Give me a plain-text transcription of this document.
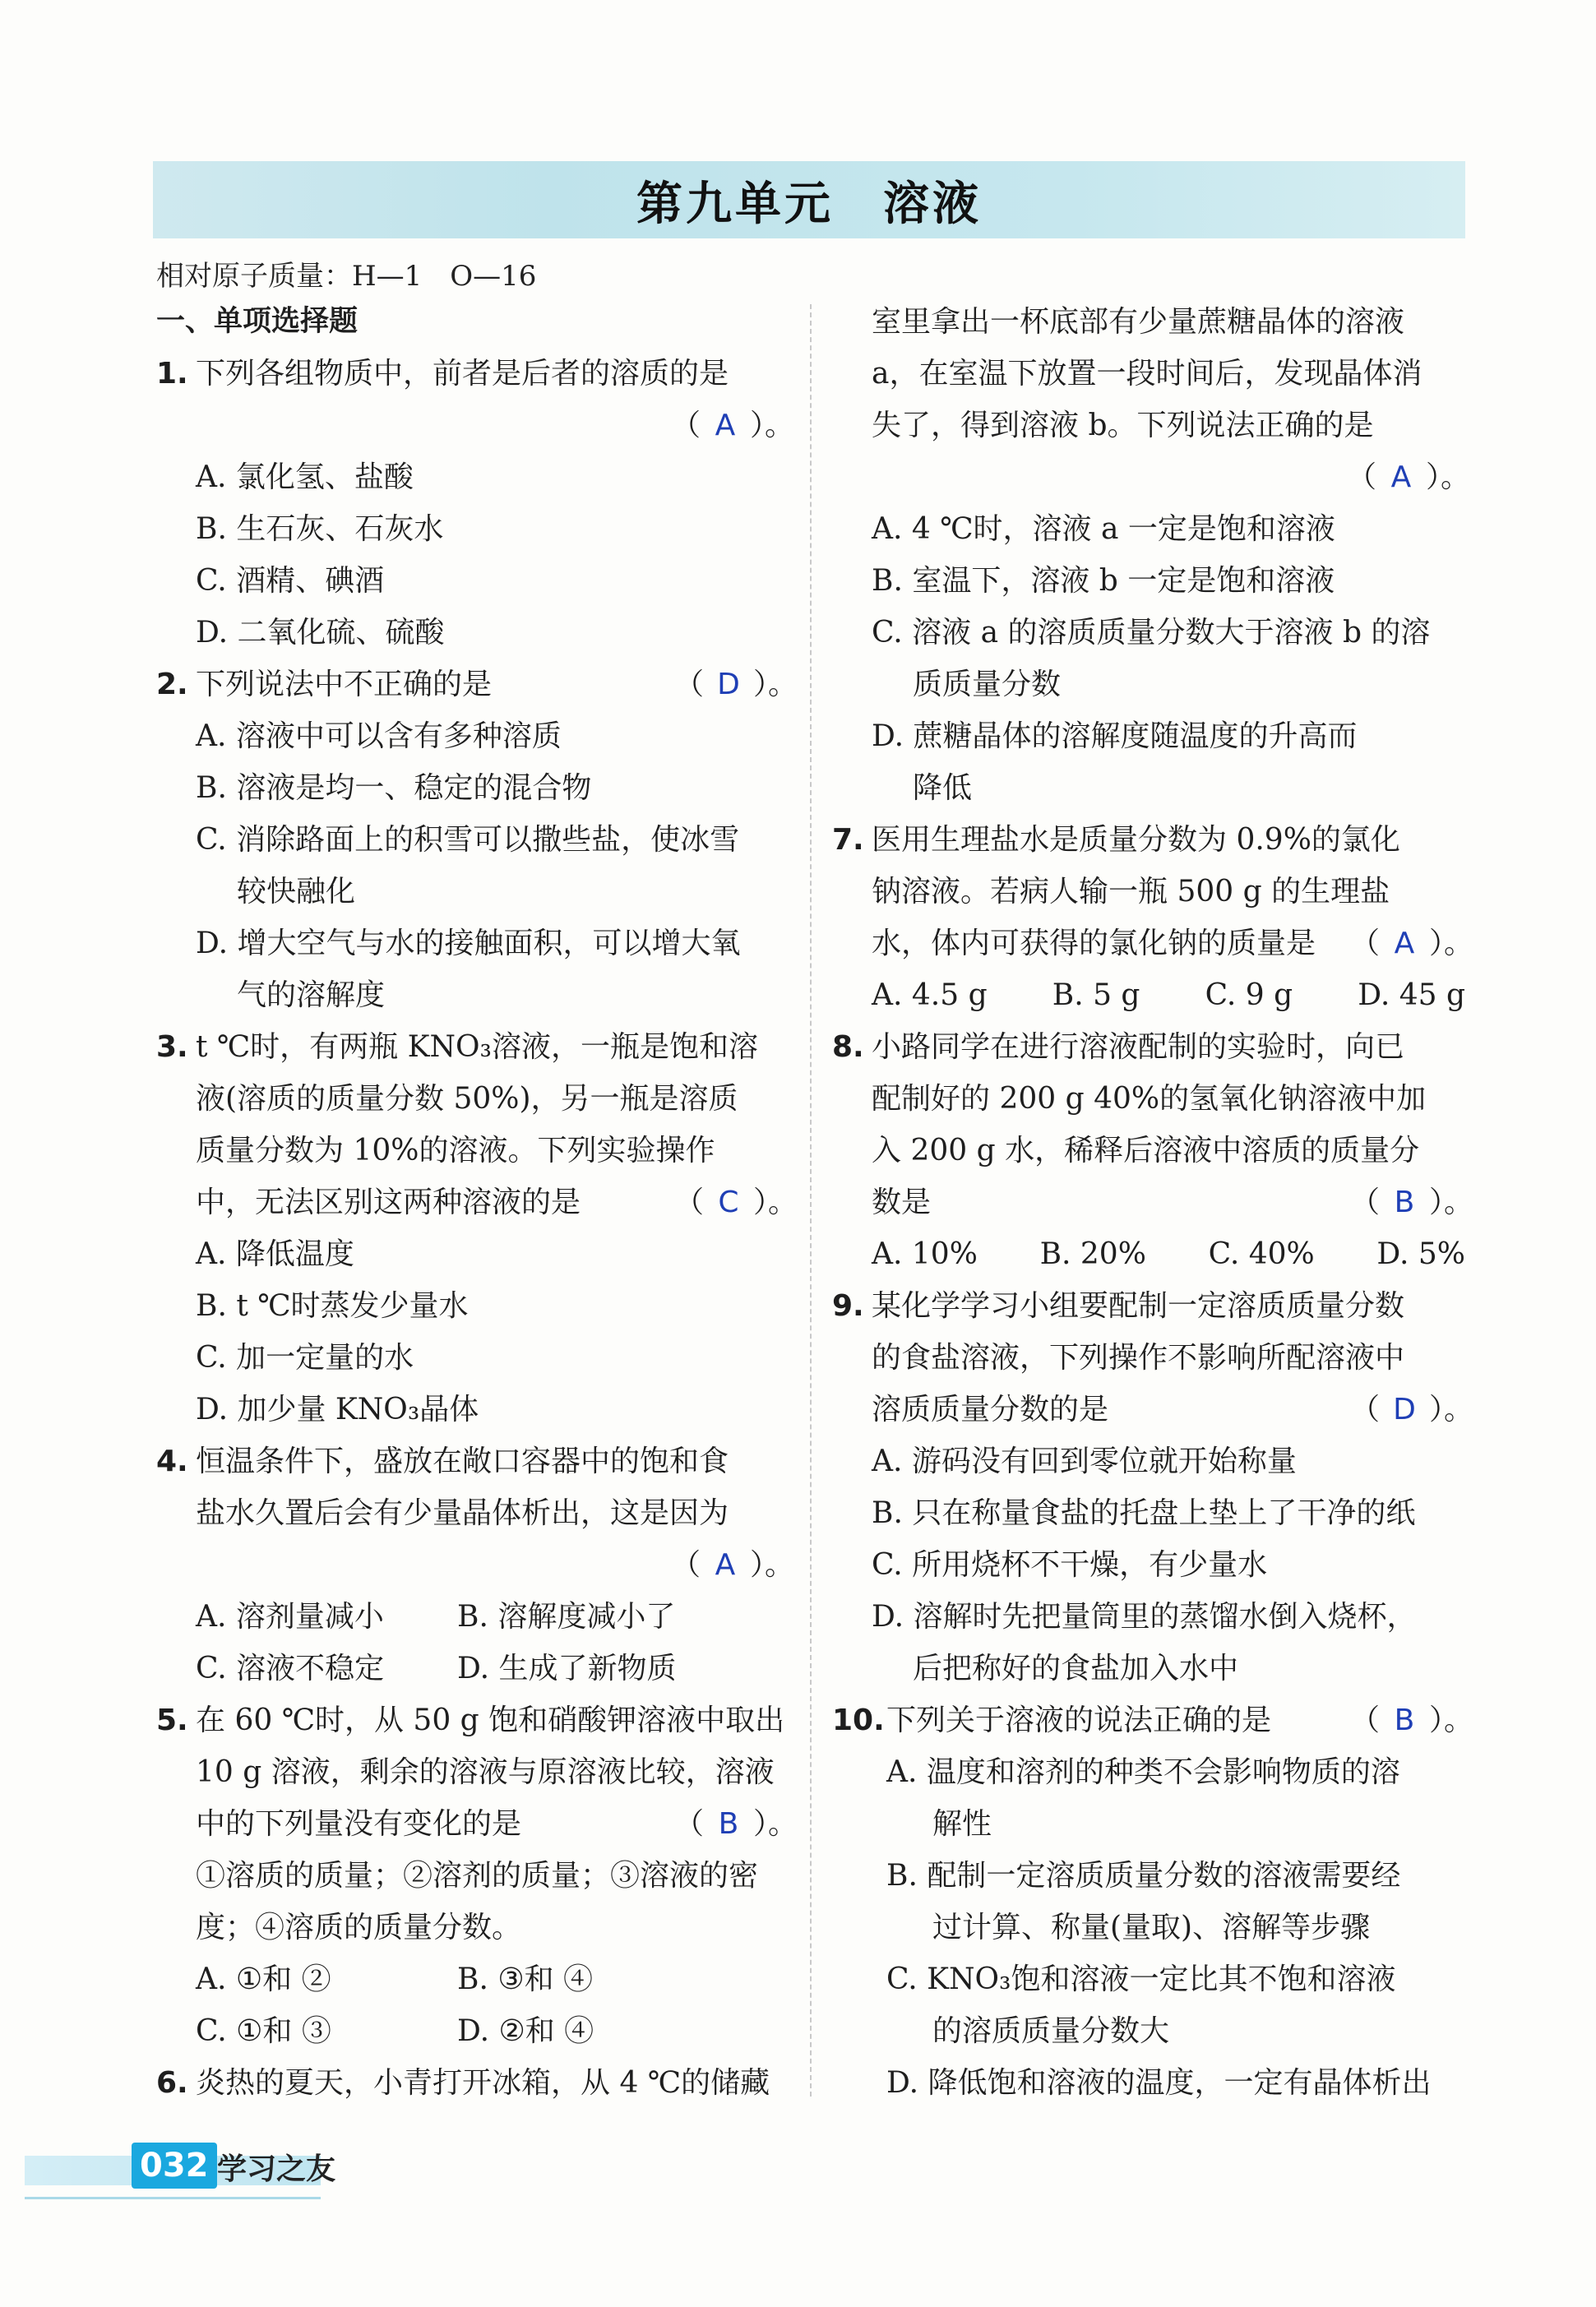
第九单元　溶液
相对原子质量：H—1　O—16
一、单项选择题
1. 下列各组物质中，前者是后者的溶质的是
（ A ）。
A. 氯化氢、盐酸
B. 生石灰、石灰水
C. 酒精、碘酒
D. 二氧化硫、硫酸
2. 下列说法中不正确的是	（ D ）。
A. 溶液中可以含有多种溶质
B. 溶液是均一、稳定的混合物
C. 消除路面上的积雪可以撒些盐，使冰雪
较快融化
D. 增大空气与水的接触面积，可以增大氧
气的溶解度
3. t ℃时，有两瓶 KNO₃溶液，一瓶是饱和溶
液(溶质的质量分数 50%)，另一瓶是溶质
质量分数为 10%的溶液。下列实验操作
中，无法区别这两种溶液的是	（ C ）。
A. 降低温度
B. t ℃时蒸发少量水
C. 加一定量的水
D. 加少量 KNO₃晶体
4. 恒温条件下，盛放在敞口容器中的饱和食
盐水久置后会有少量晶体析出，这是因为
（ A ）。
A. 溶剂量减小	B. 溶解度减小了
C. 溶液不稳定	D. 生成了新物质
5. 在 60 ℃时，从 50 g 饱和硝酸钾溶液中取出
10 g 溶液，剩余的溶液与原溶液比较，溶液
中的下列量没有变化的是	（ B ）。
①溶质的质量；②溶剂的质量；③溶液的密
度；④溶质的质量分数。
A. ①和 ②	B. ③和 ④
C. ①和 ③	D. ②和 ④
6. 炎热的夏天，小青打开冰箱，从 4 ℃的储藏
室里拿出一杯底部有少量蔗糖晶体的溶液
a，在室温下放置一段时间后，发现晶体消
失了，得到溶液 b。下列说法正确的是
（ A ）。
A. 4 ℃时，溶液 a 一定是饱和溶液
B. 室温下，溶液 b 一定是饱和溶液
C. 溶液 a 的溶质质量分数大于溶液 b 的溶
质质量分数
D. 蔗糖晶体的溶解度随温度的升高而
降低
7. 医用生理盐水是质量分数为 0.9%的氯化
钠溶液。若病人输一瓶 500 g 的生理盐
水，体内可获得的氯化钠的质量是 （ A ）。
A. 4.5 g B. 5 g C. 9 g D. 45 g
8. 小路同学在进行溶液配制的实验时，向已
配制好的 200 g 40%的氢氧化钠溶液中加
入 200 g 水，稀释后溶液中溶质的质量分
数是	（ B ）。
A. 10% B. 20% C. 40% D. 5%
9. 某化学学习小组要配制一定溶质质量分数
的食盐溶液，下列操作不影响所配溶液中
溶质质量分数的是	（ D ）。
A. 游码没有回到零位就开始称量
B. 只在称量食盐的托盘上垫上了干净的纸
C. 所用烧杯不干燥，有少量水
D. 溶解时先把量筒里的蒸馏水倒入烧杯，
后把称好的食盐加入水中
10. 下列关于溶液的说法正确的是	（ B ）。
A. 温度和溶剂的种类不会影响物质的溶
解性
B. 配制一定溶质质量分数的溶液需要经
过计算、称量(量取)、溶解等步骤
C. KNO₃饱和溶液一定比其不饱和溶液
的溶质质量分数大
D. 降低饱和溶液的温度，一定有晶体析出
032 学习之友
